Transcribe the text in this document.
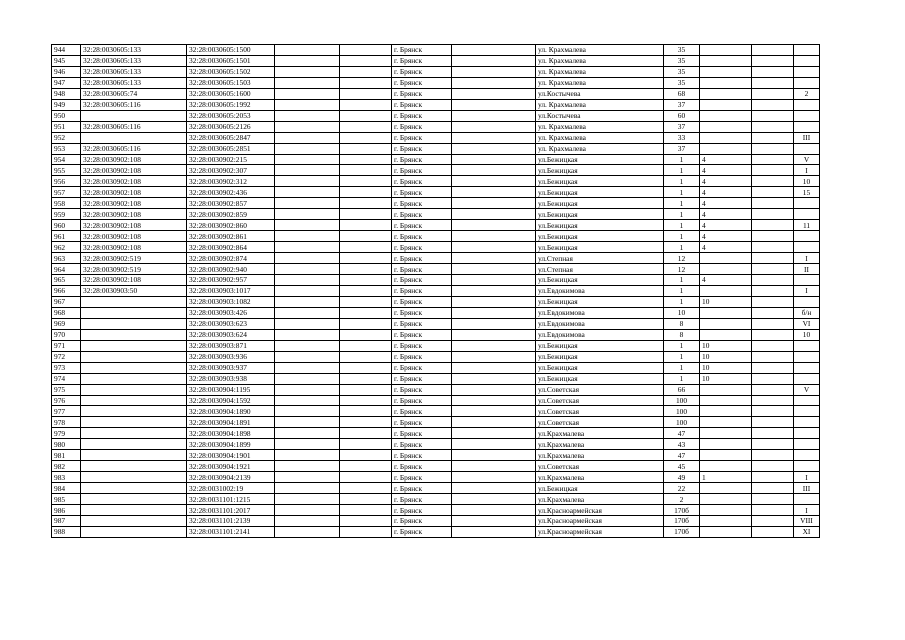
944	32:28:0030605:133	32:28:0030605:1500			г. Брянск		ул. Крахмалева	35			
945	32:28:0030605:133	32:28:0030605:1501			г. Брянск		ул. Крахмалева	35			
946	32:28:0030605:133	32:28:0030605:1502			г. Брянск		ул. Крахмалева	35			
947	32:28:0030605:133	32:28:0030605:1503			г. Брянск		ул. Крахмалева	35			
948	32:28:0030605:74	32:28:0030605:1600			г. Брянск		ул.Костычева	68			2
949	32:28:0030605:116	32:28:0030605:1992			г. Брянск		ул. Крахмалева	37			
950		32:28:0030605:2053			г. Брянск		ул.Костычева	60			
951	32:28:0030605:116	32:28:0030605:2126			г. Брянск		ул. Крахмалева	37			
952		32:28:0030605:2847			г. Брянск		ул. Крахмалева	33			III
953	32:28:0030605:116	32:28:0030605:2851			г. Брянск		ул. Крахмалева	37			
954	32:28:0030902:108	32:28:0030902:215			г. Брянск		ул.Бежицкая	1	4		V
955	32:28:0030902:108	32:28:0030902:307			г. Брянск		ул.Бежицкая	1	4		I
956	32:28:0030902:108	32:28:0030902:312			г. Брянск		ул.Бежицкая	1	4		10
957	32:28:0030902:108	32:28:0030902:436			г. Брянск		ул.Бежицкая	1	4		15
958	32:28:0030902:108	32:28:0030902:857			г. Брянск		ул.Бежицкая	1	4		
959	32:28:0030902:108	32:28:0030902:859			г. Брянск		ул.Бежицкая	1	4		
960	32:28:0030902:108	32:28:0030902:860			г. Брянск		ул.Бежицкая	1	4		11
961	32:28:0030902:108	32:28:0030902:861			г. Брянск		ул.Бежицкая	1	4		
962	32:28:0030902:108	32:28:0030902:864			г. Брянск		ул.Бежицкая	1	4		
963	32:28:0030902:519	32:28:0030902:874			г. Брянск		ул.Степная	12			I
964	32:28:0030902:519	32:28:0030902:940			г. Брянск		ул.Степная	12			II
965	32:28:0030902:108	32:28:0030902:957			г. Брянск		ул.Бежицкая	1	4		
966	32:28:0030903:50	32:28:0030903:1017			г. Брянск		ул.Евдокимова	1			I
967		32:28:0030903:1082			г. Брянск		ул.Бежицкая	1	10		
968		32:28:0030903:426			г. Брянск		ул.Евдокимова	10			б/н
969		32:28:0030903:623			г. Брянск		ул.Евдокимова	8			VI
970		32:28:0030903:624			г. Брянск		ул.Евдокимова	8			10
971		32:28:0030903:871			г. Брянск		ул.Бежицкая	1	10		
972		32:28:0030903:936			г. Брянск		ул.Бежицкая	1	10		
973		32:28:0030903:937			г. Брянск		ул.Бежицкая	1	10		
974		32:28:0030903:938			г. Брянск		ул.Бежицкая	1	10		
975		32:28:0030904:1195			г. Брянск		ул.Советская	66			V
976		32:28:0030904:1592			г. Брянск		ул.Советская	100			
977		32:28:0030904:1890			г. Брянск		ул.Советская	100			
978		32:28:0030904:1891			г. Брянск		ул.Советская	100			
979		32:28:0030904:1898			г. Брянск		ул.Крахмалева	47			
980		32:28:0030904:1899			г. Брянск		ул.Крахмалева	43			
981		32:28:0030904:1901			г. Брянск		ул.Крахмалева	47			
982		32:28:0030904:1921			г. Брянск		ул.Советская	45			
983		32:28:0030904:2139			г. Брянск		ул.Крахмалева	49	1		I
984		32:28:0031002:19			г. Брянск		ул.Бежицкая	22			III
985		32:28:0031101:1215			г. Брянск		ул.Крахмалева	2			
986		32:28:0031101:2017			г. Брянск		ул.Красноармейская	170б			I
987		32:28:0031101:2139			г. Брянск		ул.Красноармейская	170б			VIII
988		32:28:0031101:2141			г. Брянск		ул.Красноармейская	170б			XI
